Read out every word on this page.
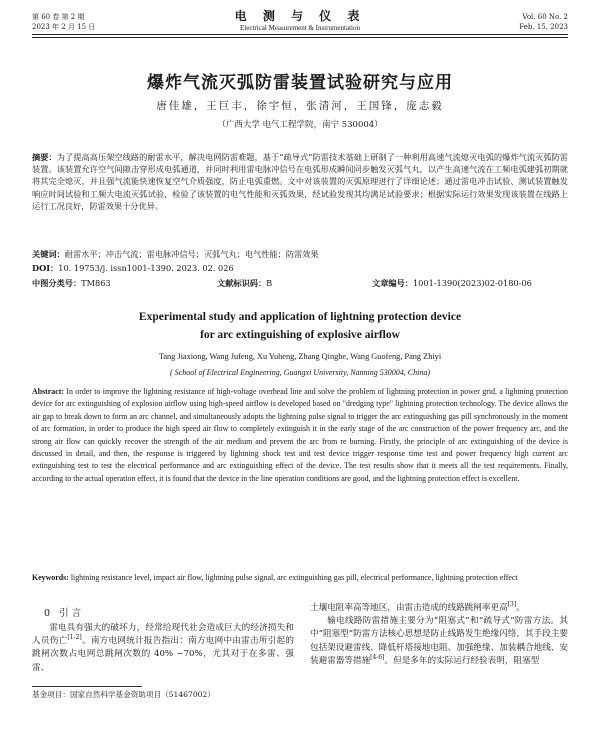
第 60 卷 第 2 期
2023 年 2 月 15 日
电 测 与 仪 表
Electrical Measurement & Instrumentation
Vol. 60 No. 2
Feb. 15, 2023
爆炸气流灭弧防雷装置试验研究与应用
唐佳雄，王巨丰，徐宇恒，张清河，王国锋，庞志毅
（广西大学 电气工程学院，南宁 530004）
摘要：为了提高高压架空线路的耐雷水平，解决电网防雷难题，基于“疏导式”防雷技术基础上研制了一种利用高速气流熄灭电弧的爆炸气流灭弧防雷装置。该装置允许空气间隙击穿形成电弧通道，并同时利用雷电脉冲信号在电弧形成瞬间同步触发灭弧气丸，以产生高速气流在工频电弧建弧初期就将其完全熄灭，并且强气流能快速恢复空气介质强度，防止电弧重燃。文中对该装置的灭弧原理进行了详细论述；通过雷电冲击试验、测试装置触发响应时间试验和工频大电流灭弧试验，检验了该装置的电气性能和灭弧效果，经试验发现其均满足试验要求；根据实际运行效果发现该装置在线路上运行工况良好，防雷效果十分优异。
关键词：耐雷水平；冲击气流；雷电脉冲信号；灭弧气丸；电气性能；防雷效果
DOI：10. 19753/j. issn1001-1390. 2023. 02. 026
中图分类号：TM863	文献标识码：B	文章编号：1001-1390(2023)02-0180-06
Experimental study and application of lightning protection device
for arc extinguishing of explosive airflow
Tang Jiaxiong, Wang Jufeng, Xu Yuheng, Zhang Qinghe, Wang Guofeng, Pang Zhiyi
( School of Electrical Engineering, Guangxi University, Nanning 530004, China)
Abstract: In order to improve the lightning resistance of high-voltage overhead line and solve the problem of lightning protection in power grid, a lightning protection device for arc extinguishing of explosion airflow using high-speed airflow is developed based on "dredging type" lightning protection technology. The device allows the air gap to break down to form an arc channel, and simultaneously adopts the lightning pulse signal to trigger the arc extinguishing gas pill synchronously in the moment of arc formation, in order to produce the high speed air flow to completely extinguish it in the early stage of the arc construction of the power frequency arc, and the strong air flow can quickly recover the strength of the air medium and prevent the arc from re burning. Firstly, the principle of arc extinguishing of the device is discussed in detail, and then, the response is triggered by lightning shock test and test device trigger response time test and power frequency high current arc extinguishing test to test the electrical performance and arc extinguishing effect of the device. The test results show that it meets all the test requirements. Finally, according to the actual operation effect, it is found that the device in the line operation conditions are good, and the lightning protection effect is excellent.
Keywords: lightning resistance level, impact air flow, lightning pulse signal, arc extinguishing gas pill, electrical performance, lightning protection effect
0 引 言
雷电具有强大的破坏力，经常给现代社会造成巨大的经济损失和人员伤亡[1-2]。南方电网统计报告指出：南方电网中由雷击所引起的跳闸次数占电网总跳闸次数的 40% ~70%，尤其对于在多雷、强雷、

土壤电阻率高等地区，由雷击造成的线路跳闸率更高[3]。

输电线路防雷措施主要分为“阻塞式”和“疏导式”防雷方法。其中“阻塞型”防雷方法核心思想是防止线路发生绝缘闪络，其手段主要包括架设避雷线、降低杆塔接地电阻、加强绝缘、加装耦合地线、安装避雷器等措施[4-6]。但是多年的实际运行经验表明，阻塞型

基金项目：国家自然科学基金资助项目（51467002）
